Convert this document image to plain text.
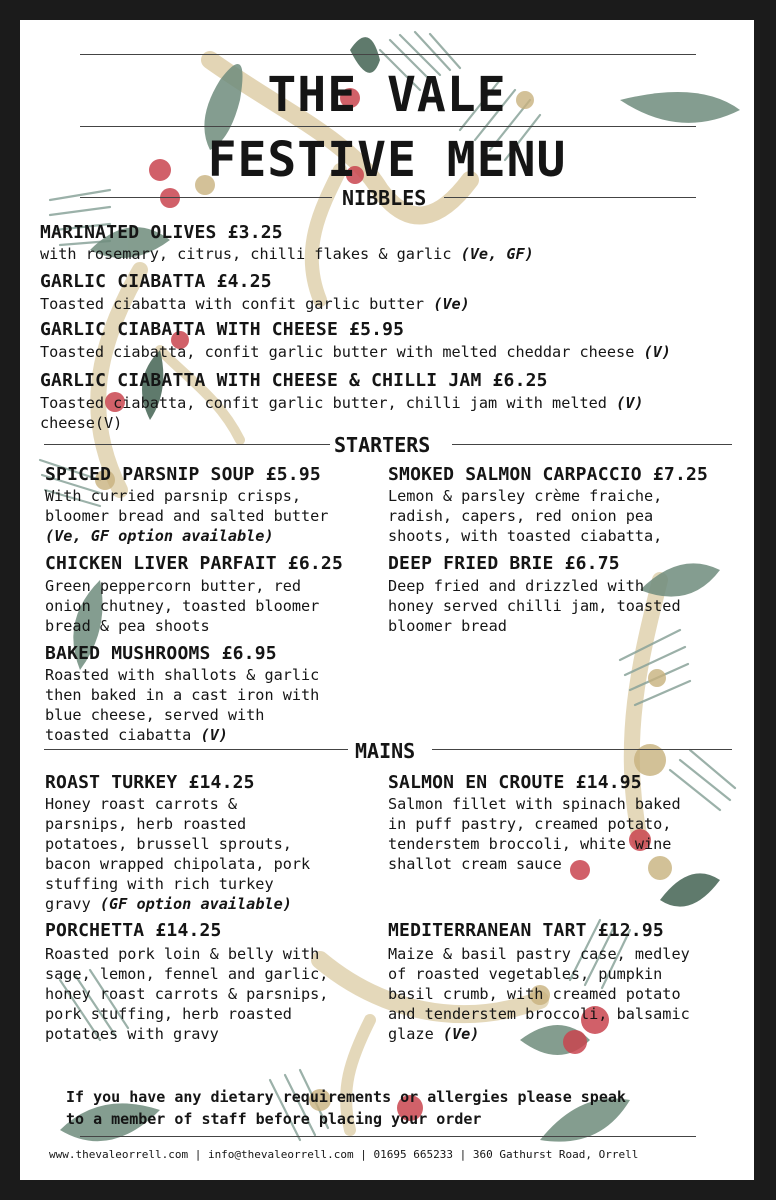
THE VALE
FESTIVE MENU
NIBBLES
MARINATED OLIVES £3.25
with rosemary, citrus, chilli flakes & garlic (Ve, GF)
GARLIC CIABATTA £4.25
Toasted ciabatta with confit garlic butter (Ve)
GARLIC CIABATTA WITH CHEESE £5.95
Toasted ciabatta, confit garlic butter with melted cheddar cheese (V)
GARLIC CIABATTA WITH CHEESE & CHILLI JAM £6.25
Toasted ciabatta, confit garlic butter, chilli jam with melted (V)
cheese(V)
STARTERS
SPICED PARSNIP SOUP £5.95
With curried parsnip crisps,
bloomer bread and salted butter
(Ve, GF option available)
CHICKEN LIVER PARFAIT £6.25
Green peppercorn butter, red
onion chutney, toasted bloomer
bread & pea shoots
BAKED MUSHROOMS £6.95
Roasted with shallots & garlic
then baked in a cast iron with
blue cheese, served with
toasted ciabatta (V)
SMOKED SALMON CARPACCIO £7.25
Lemon & parsley crème fraiche,
radish, capers, red onion pea
shoots, with toasted ciabatta,
DEEP FRIED BRIE £6.75
Deep fried and drizzled with
honey served chilli jam, toasted
bloomer bread
MAINS
ROAST TURKEY £14.25
Honey roast carrots &
parsnips, herb roasted
potatoes, brussell sprouts,
bacon wrapped chipolata, pork
stuffing with rich turkey
gravy (GF option available)
PORCHETTA £14.25
Roasted pork loin & belly with
sage, lemon, fennel and garlic,
honey roast carrots & parsnips,
pork stuffing, herb roasted
potatoes with gravy
SALMON EN CROUTE £14.95
Salmon fillet with spinach baked
in puff pastry, creamed potato,
tenderstem broccoli, white wine
shallot cream sauce
MEDITERRANEAN TART £12.95
Maize & basil pastry case, medley
of roasted vegetables, pumpkin
basil crumb, with creamed potato
and tenderstem broccoli, balsamic
glaze (Ve)
If you have any dietary requirements or allergies please speak
to a member of staff before placing your order
www.thevaleorrell.com | info@thevaleorrell.com | 01695 665233 | 360 Gathurst Road, Orrell
